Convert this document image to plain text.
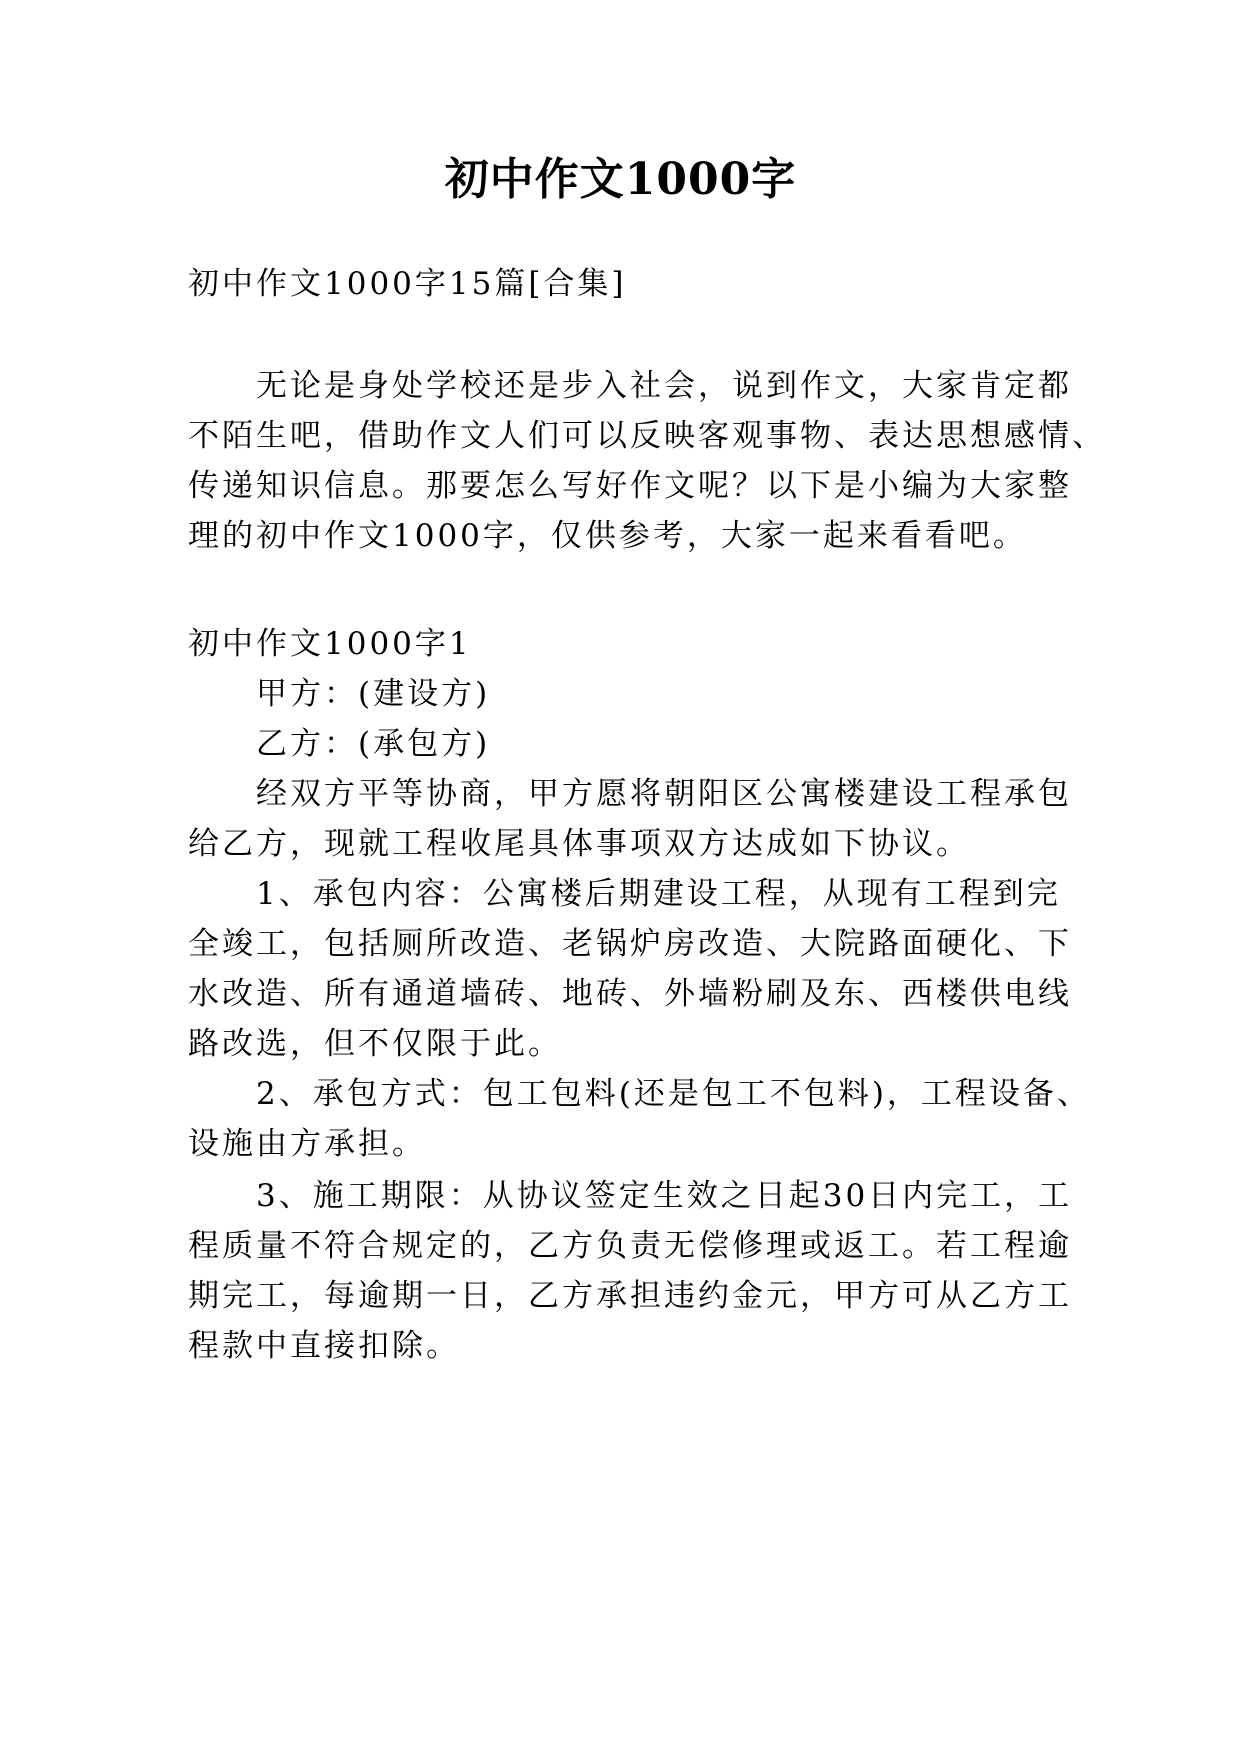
初中作文1000字
初中作文1000字15篇[合集]
无论是身处学校还是步入社会，说到作文，大家肯定都
不陌生吧，借助作文人们可以反映客观事物、表达思想感情、
传递知识信息。那要怎么写好作文呢？以下是小编为大家整
理的初中作文1000字，仅供参考，大家一起来看看吧。
初中作文1000字1
甲方：(建设方)
乙方：(承包方)
经双方平等协商，甲方愿将朝阳区公寓楼建设工程承包
给乙方，现就工程收尾具体事项双方达成如下协议。
1、承包内容：公寓楼后期建设工程，从现有工程到完
全竣工，包括厕所改造、老锅炉房改造、大院路面硬化、下
水改造、所有通道墙砖、地砖、外墙粉刷及东、西楼供电线
路改选，但不仅限于此。
2、承包方式：包工包料(还是包工不包料)，工程设备、
设施由方承担。
3、施工期限：从协议签定生效之日起30日内完工，工
程质量不符合规定的，乙方负责无偿修理或返工。若工程逾
期完工，每逾期一日，乙方承担违约金元，甲方可从乙方工
程款中直接扣除。
